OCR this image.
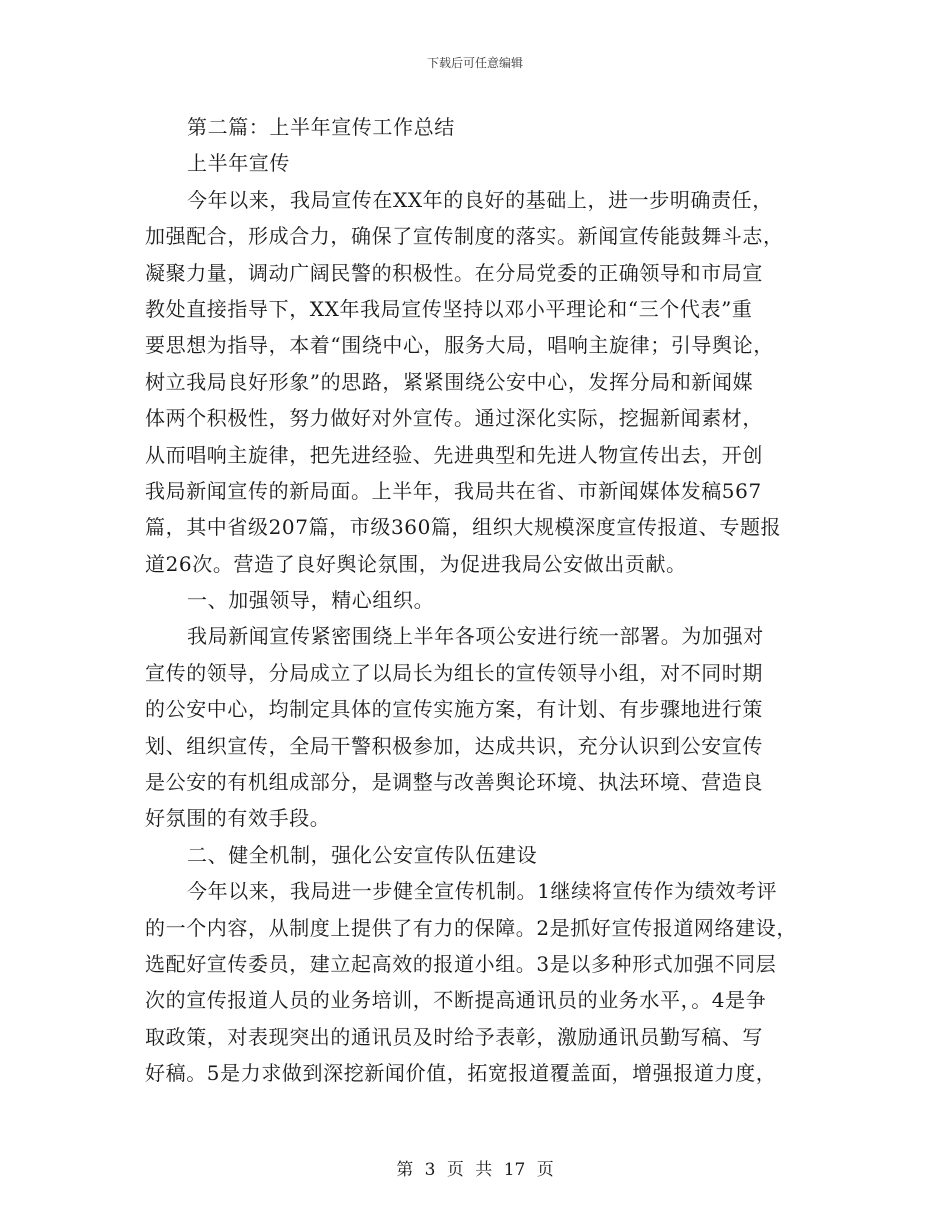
下载后可任意编辑
第二篇：上半年宣传工作总结
上半年宣传
今年以来，我局宣传在XX年的良好的基础上，进一步明确责任，
加强配合，形成合力，确保了宣传制度的落实。新闻宣传能鼓舞斗志，
凝聚力量，调动广阔民警的积极性。在分局党委的正确领导和市局宣
教处直接指导下，XX年我局宣传坚持以邓小平理论和“三个代表”重
要思想为指导，本着“围绕中心，服务大局，唱响主旋律；引导舆论，
树立我局良好形象”的思路，紧紧围绕公安中心，发挥分局和新闻媒
体两个积极性，努力做好对外宣传。通过深化实际，挖掘新闻素材，
从而唱响主旋律，把先进经验、先进典型和先进人物宣传出去，开创
我局新闻宣传的新局面。上半年，我局共在省、市新闻媒体发稿567
篇，其中省级207篇，市级360篇，组织大规模深度宣传报道、专题报
道26次。营造了良好舆论氛围，为促进我局公安做出贡献。
一、加强领导，精心组织。
我局新闻宣传紧密围绕上半年各项公安进行统一部署。为加强对
宣传的领导，分局成立了以局长为组长的宣传领导小组，对不同时期
的公安中心，均制定具体的宣传实施方案，有计划、有步骤地进行策
划、组织宣传，全局干警积极参加，达成共识，充分认识到公安宣传
是公安的有机组成部分，是调整与改善舆论环境、执法环境、营造良
好氛围的有效手段。
二、健全机制，强化公安宣传队伍建设
今年以来，我局进一步健全宣传机制。1继续将宣传作为绩效考评
的一个内容，从制度上提供了有力的保障。2是抓好宣传报道网络建设，
选配好宣传委员，建立起高效的报道小组。3是以多种形式加强不同层
次的宣传报道人员的业务培训，不断提高通讯员的业务水平，。4是争
取政策，对表现突出的通讯员及时给予表彰，激励通讯员勤写稿、写
好稿。5是力求做到深挖新闻价值，拓宽报道覆盖面，增强报道力度，
第 3 页 共 17 页
